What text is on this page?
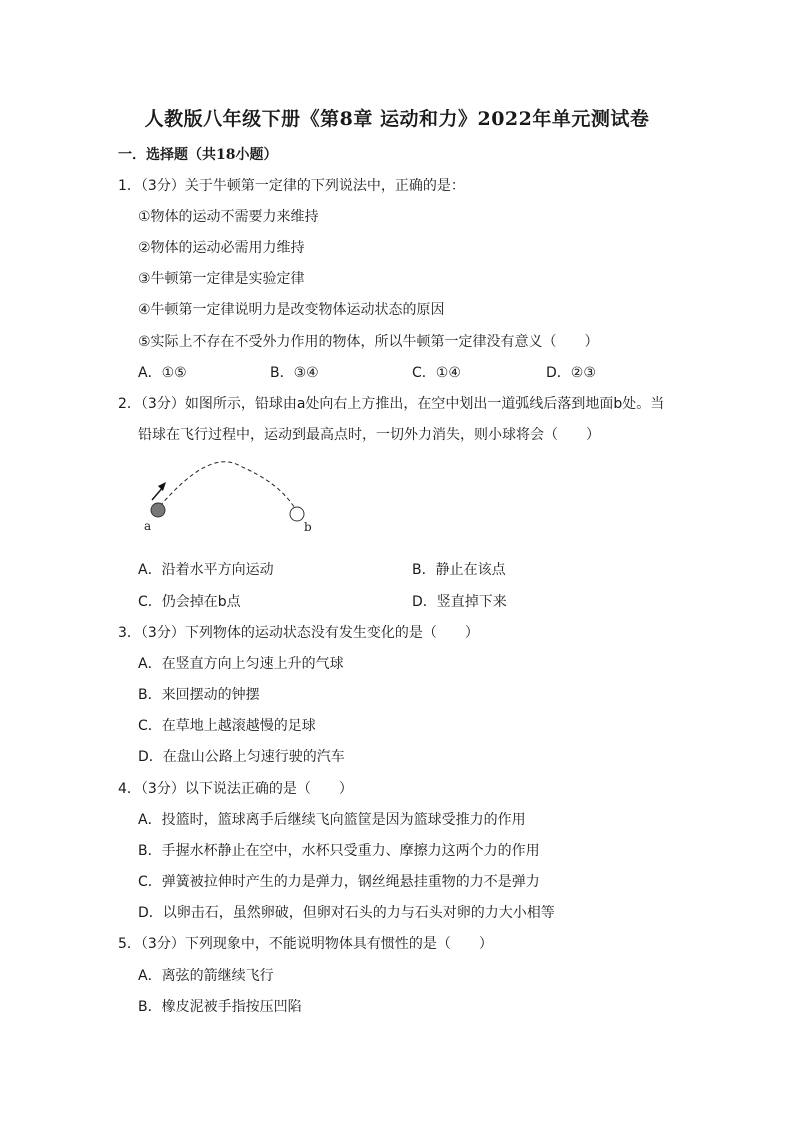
人教版八年级下册《第8章 运动和力》2022年单元测试卷
一．选择题（共18小题）
1．（3分）关于牛顿第一定律的下列说法中，正确的是：
①物体的运动不需要力来维持
②物体的运动必需用力维持
③牛顿第一定律是实验定律
④牛顿第一定律说明力是改变物体运动状态的原因
⑤实际上不存在不受外力作用的物体，所以牛顿第一定律没有意义（　　）
A．①⑤	B．③④	C．①④	D．②③
2．（3分）如图所示，铅球由a处向右上方推出，在空中划出一道弧线后落到地面b处。当
铅球在飞行过程中，运动到最高点时，一切外力消失，则小球将会（　　）
a	b
A．沿着水平方向运动	B．静止在该点
C．仍会掉在b点	D．竖直掉下来
3．（3分）下列物体的运动状态没有发生变化的是（　　）
A．在竖直方向上匀速上升的气球
B．来回摆动的钟摆
C．在草地上越滚越慢的足球
D．在盘山公路上匀速行驶的汽车
4．（3分）以下说法正确的是（　　）
A．投篮时，篮球离手后继续飞向篮筐是因为篮球受推力的作用
B．手握水杯静止在空中，水杯只受重力、摩擦力这两个力的作用
C．弹簧被拉伸时产生的力是弹力，钢丝绳悬挂重物的力不是弹力
D．以卵击石，虽然卵破，但卵对石头的力与石头对卵的力大小相等
5．（3分）下列现象中，不能说明物体具有惯性的是（　　）
A．离弦的箭继续飞行
B．橡皮泥被手指按压凹陷
